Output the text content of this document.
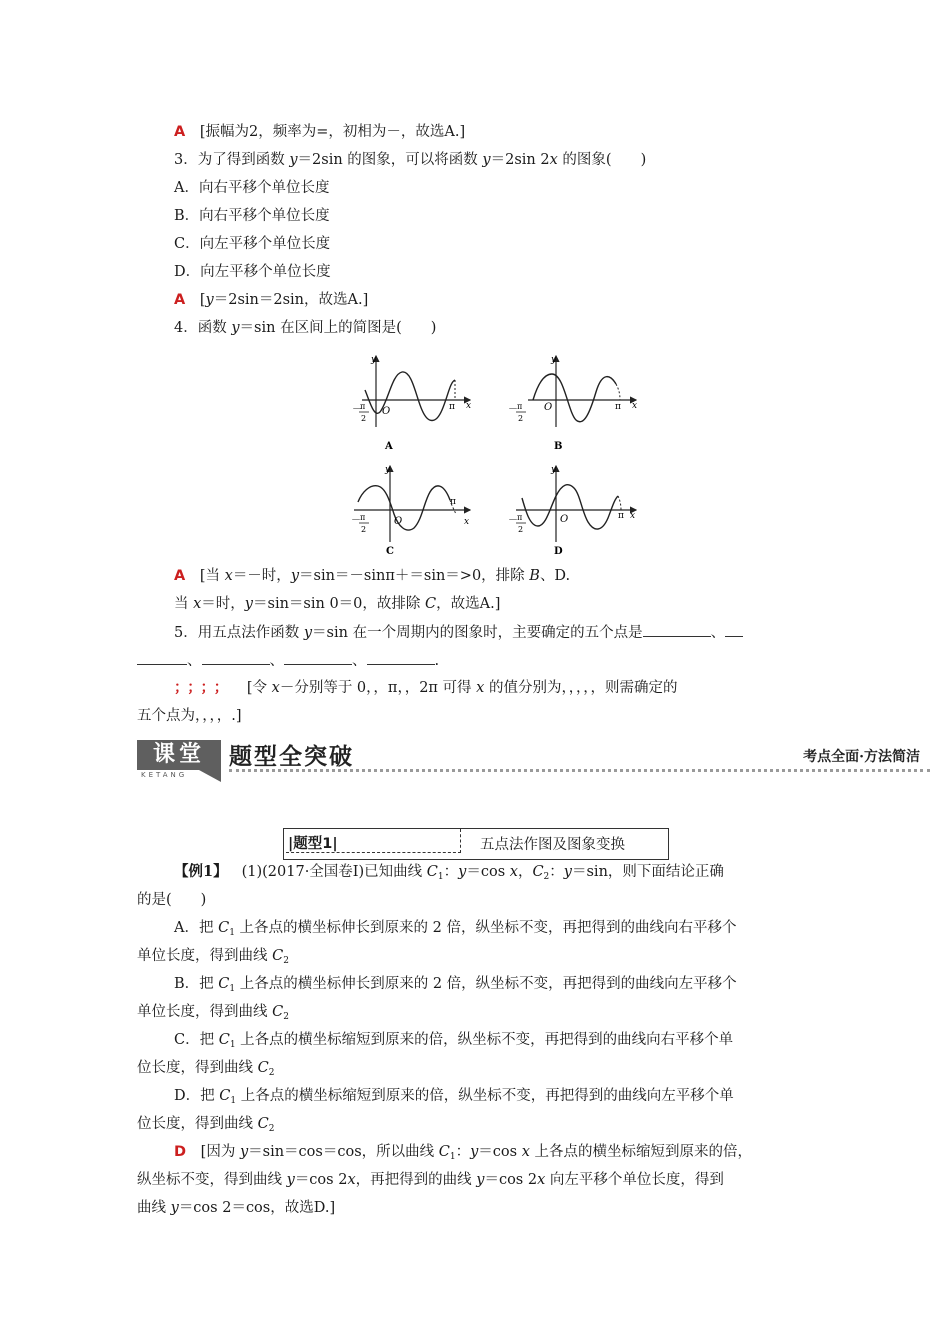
A [振幅为2，频率为=，初相为－，故选A.]
3．为了得到函数 y＝2sin 的图象，可以将函数 y＝2sin 2x 的图象(　　)
A．向右平移个单位长度
B．向右平移个单位长度
C．向左平移个单位长度
D．向左平移个单位长度
A [y＝2sin＝2sin，故选A.]
4．函数 y＝sin 在区间上的简图是(　　)
y
x
O	π
－
π
2
A
y
x
O	π
－ π
2
B
y
x
O
π
－ π
2
C
y
x
O	π
－ π
2
D
A [当 x＝－时，y＝sin＝－sinπ＋＝sin＝>0，排除 B、D.
当 x＝时，y＝sin＝sin 0＝0，故排除 C，故选A.]
5．用五点法作函数 y＝sin 在一个周期内的图象时，主要确定的五个点是	、
、	、	、	.
；；；； [令 x－分别等于 0，，π，，2π 可得 x 的值分别为，，，，，则需确定的
五个点为，，，，.]
课堂
KETANG
题型全突破	考点全面·方法简洁
|题型1|	五点法作图及图象变换
【例1】 (1)(2017·全国卷Ⅰ)已知曲线 $C_1$：y＝cos x，$C_2$：y＝sin，则下面结论正确
的是(　　)
A．把 $C_1$ 上各点的横坐标伸长到原来的 2 倍，纵坐标不变，再把得到的曲线向右平移个
单位长度，得到曲线 $C_2$
B．把 $C_1$ 上各点的横坐标伸长到原来的 2 倍，纵坐标不变，再把得到的曲线向左平移个
单位长度，得到曲线 $C_2$
C．把 $C_1$ 上各点的横坐标缩短到原来的倍，纵坐标不变，再把得到的曲线向右平移个单
位长度，得到曲线 $C_2$
D．把 $C_1$ 上各点的横坐标缩短到原来的倍，纵坐标不变，再把得到的曲线向左平移个单
位长度，得到曲线 $C_2$
D [因为 y＝sin＝cos＝cos，所以曲线 $C_1$：y＝cos x 上各点的横坐标缩短到原来的倍，
纵坐标不变，得到曲线 y＝cos 2x，再把得到的曲线 y＝cos 2x 向左平移个单位长度，得到
曲线 y＝cos 2＝cos，故选D.]
